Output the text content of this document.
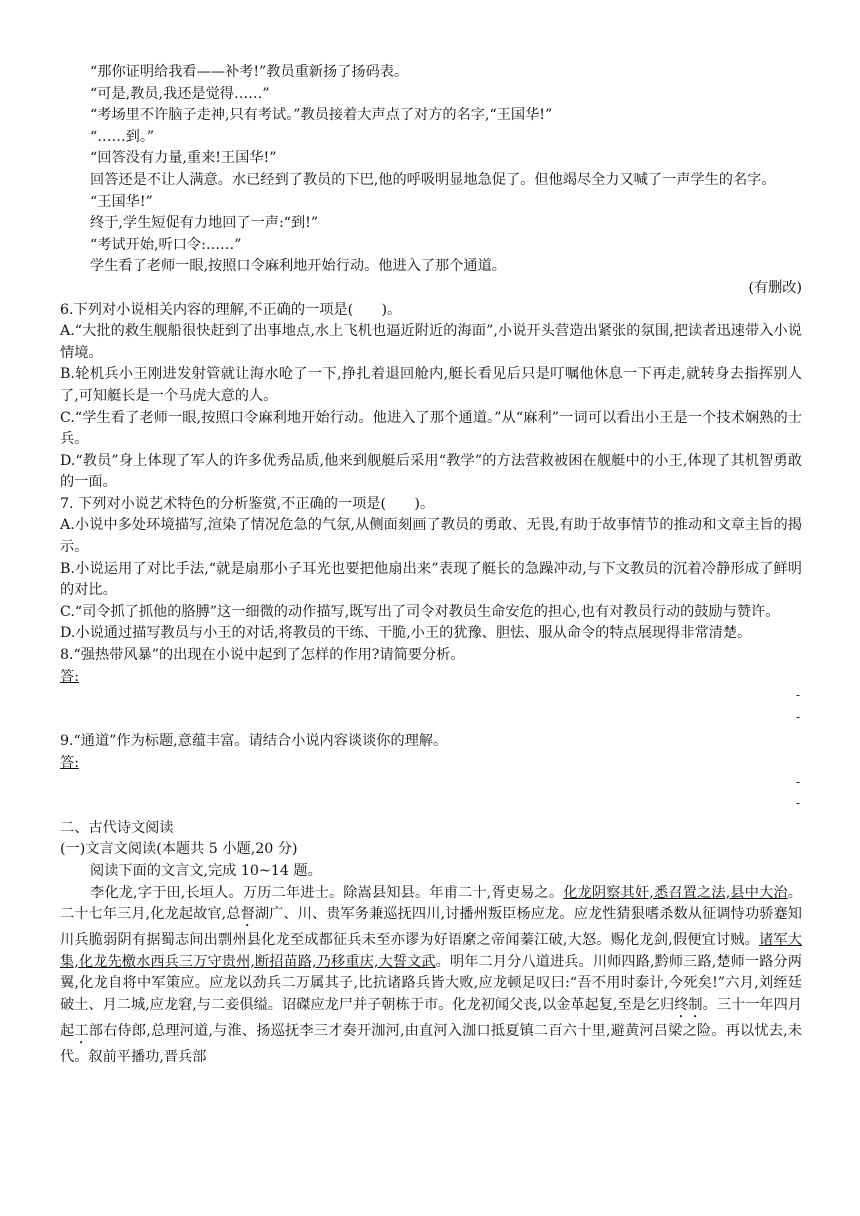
“那你证明给我看——补考!”教员重新扬了扬码表。

“可是,教员,我还是觉得……”

“考场里不许脑子走神,只有考试。”教员接着大声点了对方的名字,“王国华!”

“……到。”

“回答没有力量,重来!王国华!”

回答还是不让人满意。水已经到了教员的下巴,他的呼吸明显地急促了。但他竭尽全力又喊了一声学生的名字。

“王国华!”

终于,学生短促有力地回了一声:“到!”

“考试开始,听口令:……”

学生看了老师一眼,按照口令麻利地开始行动。他进入了那个通道。

(有删改)

6.下列对小说相关内容的理解,不正确的一项是(　　)。

A.“大批的救生舰船很快赶到了出事地点,水上飞机也逼近附近的海面”,小说开头营造出紧张的氛围,把读者迅速带入小说情境。

B.轮机兵小王刚进发射管就让海水呛了一下,挣扎着退回舱内,艇长看见后只是叮嘱他休息一下再走,就转身去指挥别人了,可知艇长是一个马虎大意的人。

C.“学生看了老师一眼,按照口令麻利地开始行动。他进入了那个通道。”从“麻利”一词可以看出小王是一个技术娴熟的士兵。

D.“教员”身上体现了军人的许多优秀品质,他来到舰艇后采用“教学”的方法营救被困在舰艇中的小王,体现了其机智勇敢的一面。

7. 下列对小说艺术特色的分析鉴赏,不正确的一项是(　　)。

A.小说中多处环境描写,渲染了情况危急的气氛,从侧面刻画了教员的勇敢、无畏,有助于故事情节的推动和文章主旨的揭示。

B.小说运用了对比手法,“就是扇那小子耳光也要把他扇出来”表现了艇长的急躁冲动,与下文教员的沉着冷静形成了鲜明的对比。

C.“司令抓了抓他的胳膊”这一细微的动作描写,既写出了司令对教员生命安危的担心,也有对教员行动的鼓励与赞许。

D.小说通过描写教员与小王的对话,将教员的干练、干脆,小王的犹豫、胆怯、服从命令的特点展现得非常清楚。

8.“强热带风暴”的出现在小说中起到了怎样的作用?请简要分析。

答:

-
-

9.“通道”作为标题,意蕴丰富。请结合小说内容谈谈你的理解。

答:

-
-

二、古代诗文阅读

(一)文言文阅读(本题共 5 小题,20 分)

阅读下面的文言文,完成 10~14 题。

李化龙,字于田,长垣人。万历二年进士。除嵩县知县。年甫二十,胥吏易之。化龙阴察其奸,悉召置之法,县中大治。二十七年三月,化龙起故官,总督湖广、川、贵军务兼巡抚四川,讨播州叛臣杨应龙。应龙性猜狠嗜杀数从征调恃功骄蹇知川兵脆弱阴有据蜀志间出剽州县化龙至成都征兵未至亦谬为好语縻之帝闻蓁江破,大怒。赐化龙剑,假便宜讨贼。诸军大集,化龙先檄水西兵三万守贵州,断招苗路,乃移重庆,大誓文武。明年二月分八道进兵。川师四路,黔师三路,楚师一路分两翼,化龙自将中军策应。应龙以劲兵二万属其子,比抗诸路兵皆大败,应龙顿足叹曰:“吾不用时泰计,今死矣!”六月,刘绖廷破土、月二城,应龙窘,与二妾俱缢。诏磔应龙尸并子朝栋于市。化龙初闻父丧,以金革起复,至是乞归终制。三十一年四月起工部右侍郎,总理河道,与淮、扬巡抚李三才奏开泇河,由直河入泇口抵夏镇二百六十里,避黄河吕梁之险。再以忧去,未代。叙前平播功,晋兵部
